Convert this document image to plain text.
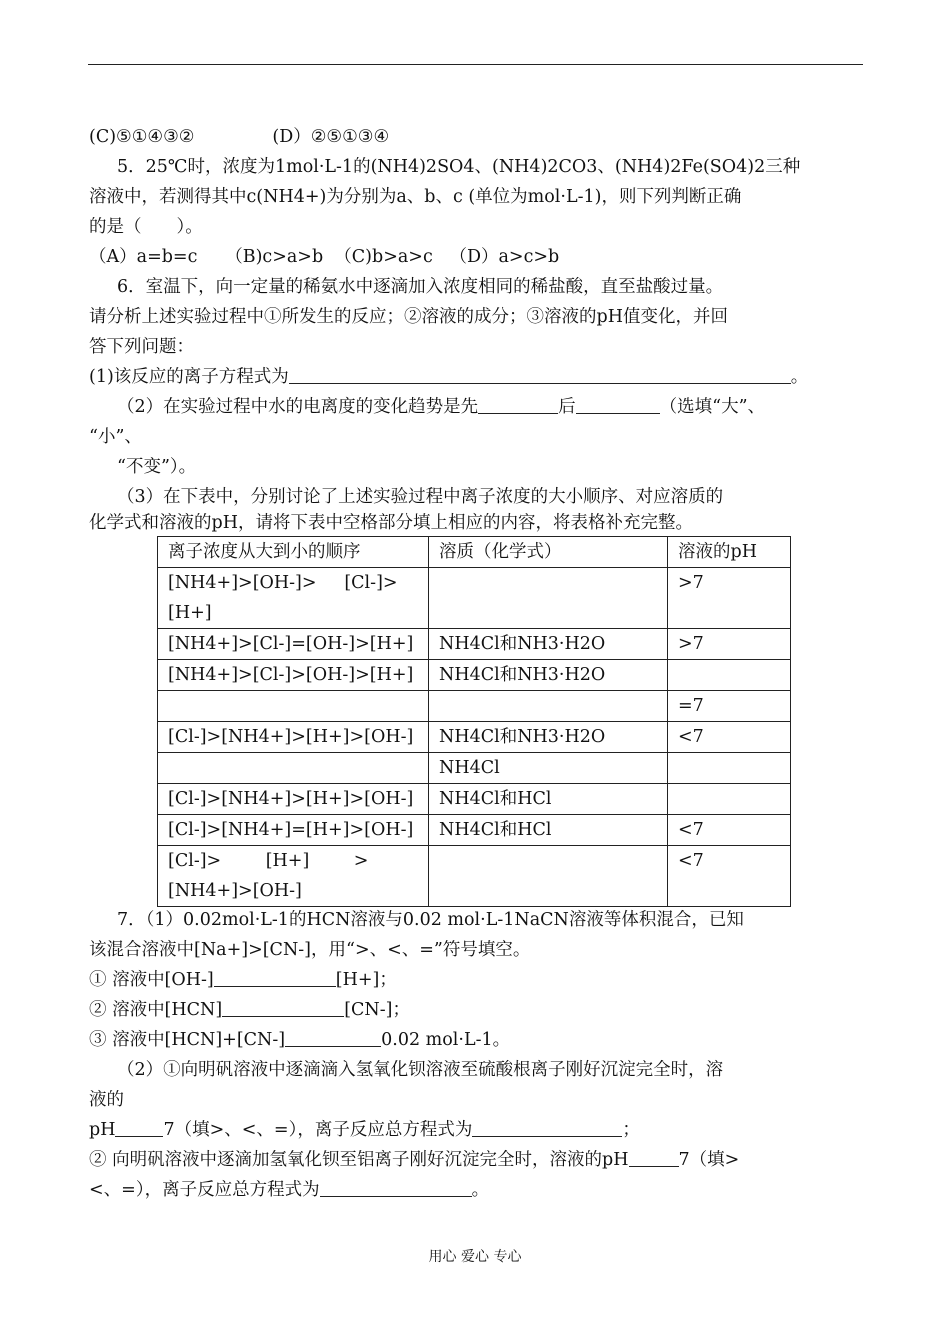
(C)⑤①④③②              (D）②⑤①③④
5．25℃时，浓度为1mol·L-1的(NH4)2SO4、(NH4)2CO3、(NH4)2Fe(SO4)2三种
溶液中，若测得其中c(NH4+)为分别为a、b、c (单位为mol·L-1)，则下列判断正确
的是（　　）。
（A）a=b=c     （B)c>a>b  （C)b>a>c   （D）a>c>b
6．室温下，向一定量的稀氨水中逐滴加入浓度相同的稀盐酸，直至盐酸过量。
请分析上述实验过程中①所发生的反应；②溶液的成分；③溶液的pH值变化，并回
答下列问题：
(1)该反应的离子方程式为	。
（2）在实验过程中水的电离度的变化趋势是先	后	（选填“大”、
“小”、
“不变”）。
（3）在下表中，分别讨论了上述实验过程中离子浓度的大小顺序、对应溶质的
化学式和溶液的pH，请将下表中空格部分填上相应的内容，将表格补充完整。
离子浓度从大到小的顺序	溶质（化学式）	溶液的pH
[NH4+]>[OH-]>     [Cl-]>
[H+]		>7
[NH4+]>[Cl-]=[OH-]>[H+]	NH4Cl和NH3·H2O	>7
[NH4+]>[Cl-]>[OH-]>[H+]	NH4Cl和NH3·H2O	
		=7
[Cl-]>[NH4+]>[H+]>[OH-]	NH4Cl和NH3·H2O	<7
	NH4Cl	
[Cl-]>[NH4+]>[H+]>[OH-]	NH4Cl和HCl	
[Cl-]>[NH4+]=[H+]>[OH-]	NH4Cl和HCl	<7
[Cl-]>        [H+]        >
[NH4+]>[OH-]		<7
7．（1）0.02mol·L-1的HCN溶液与0.02 mol·L-1NaCN溶液等体积混合，已知
该混合溶液中[Na+]>[CN-]，用“>、<、=”符号填空。
① 溶液中[OH-]	[H+]；
② 溶液中[HCN]	[CN-]；
③ 溶液中[HCN]+[CN-]	0.02 mol·L-1。
（2）①向明矾溶液中逐滴滴入氢氧化钡溶液至硫酸根离子刚好沉淀完全时，溶
液的
pH	7（填>、<、=），离子反应总方程式为	；
② 向明矾溶液中逐滴加氢氧化钡至铝离子刚好沉淀完全时，溶液的pH	7（填>
<、=），离子反应总方程式为	。
用心 爱心 专心
